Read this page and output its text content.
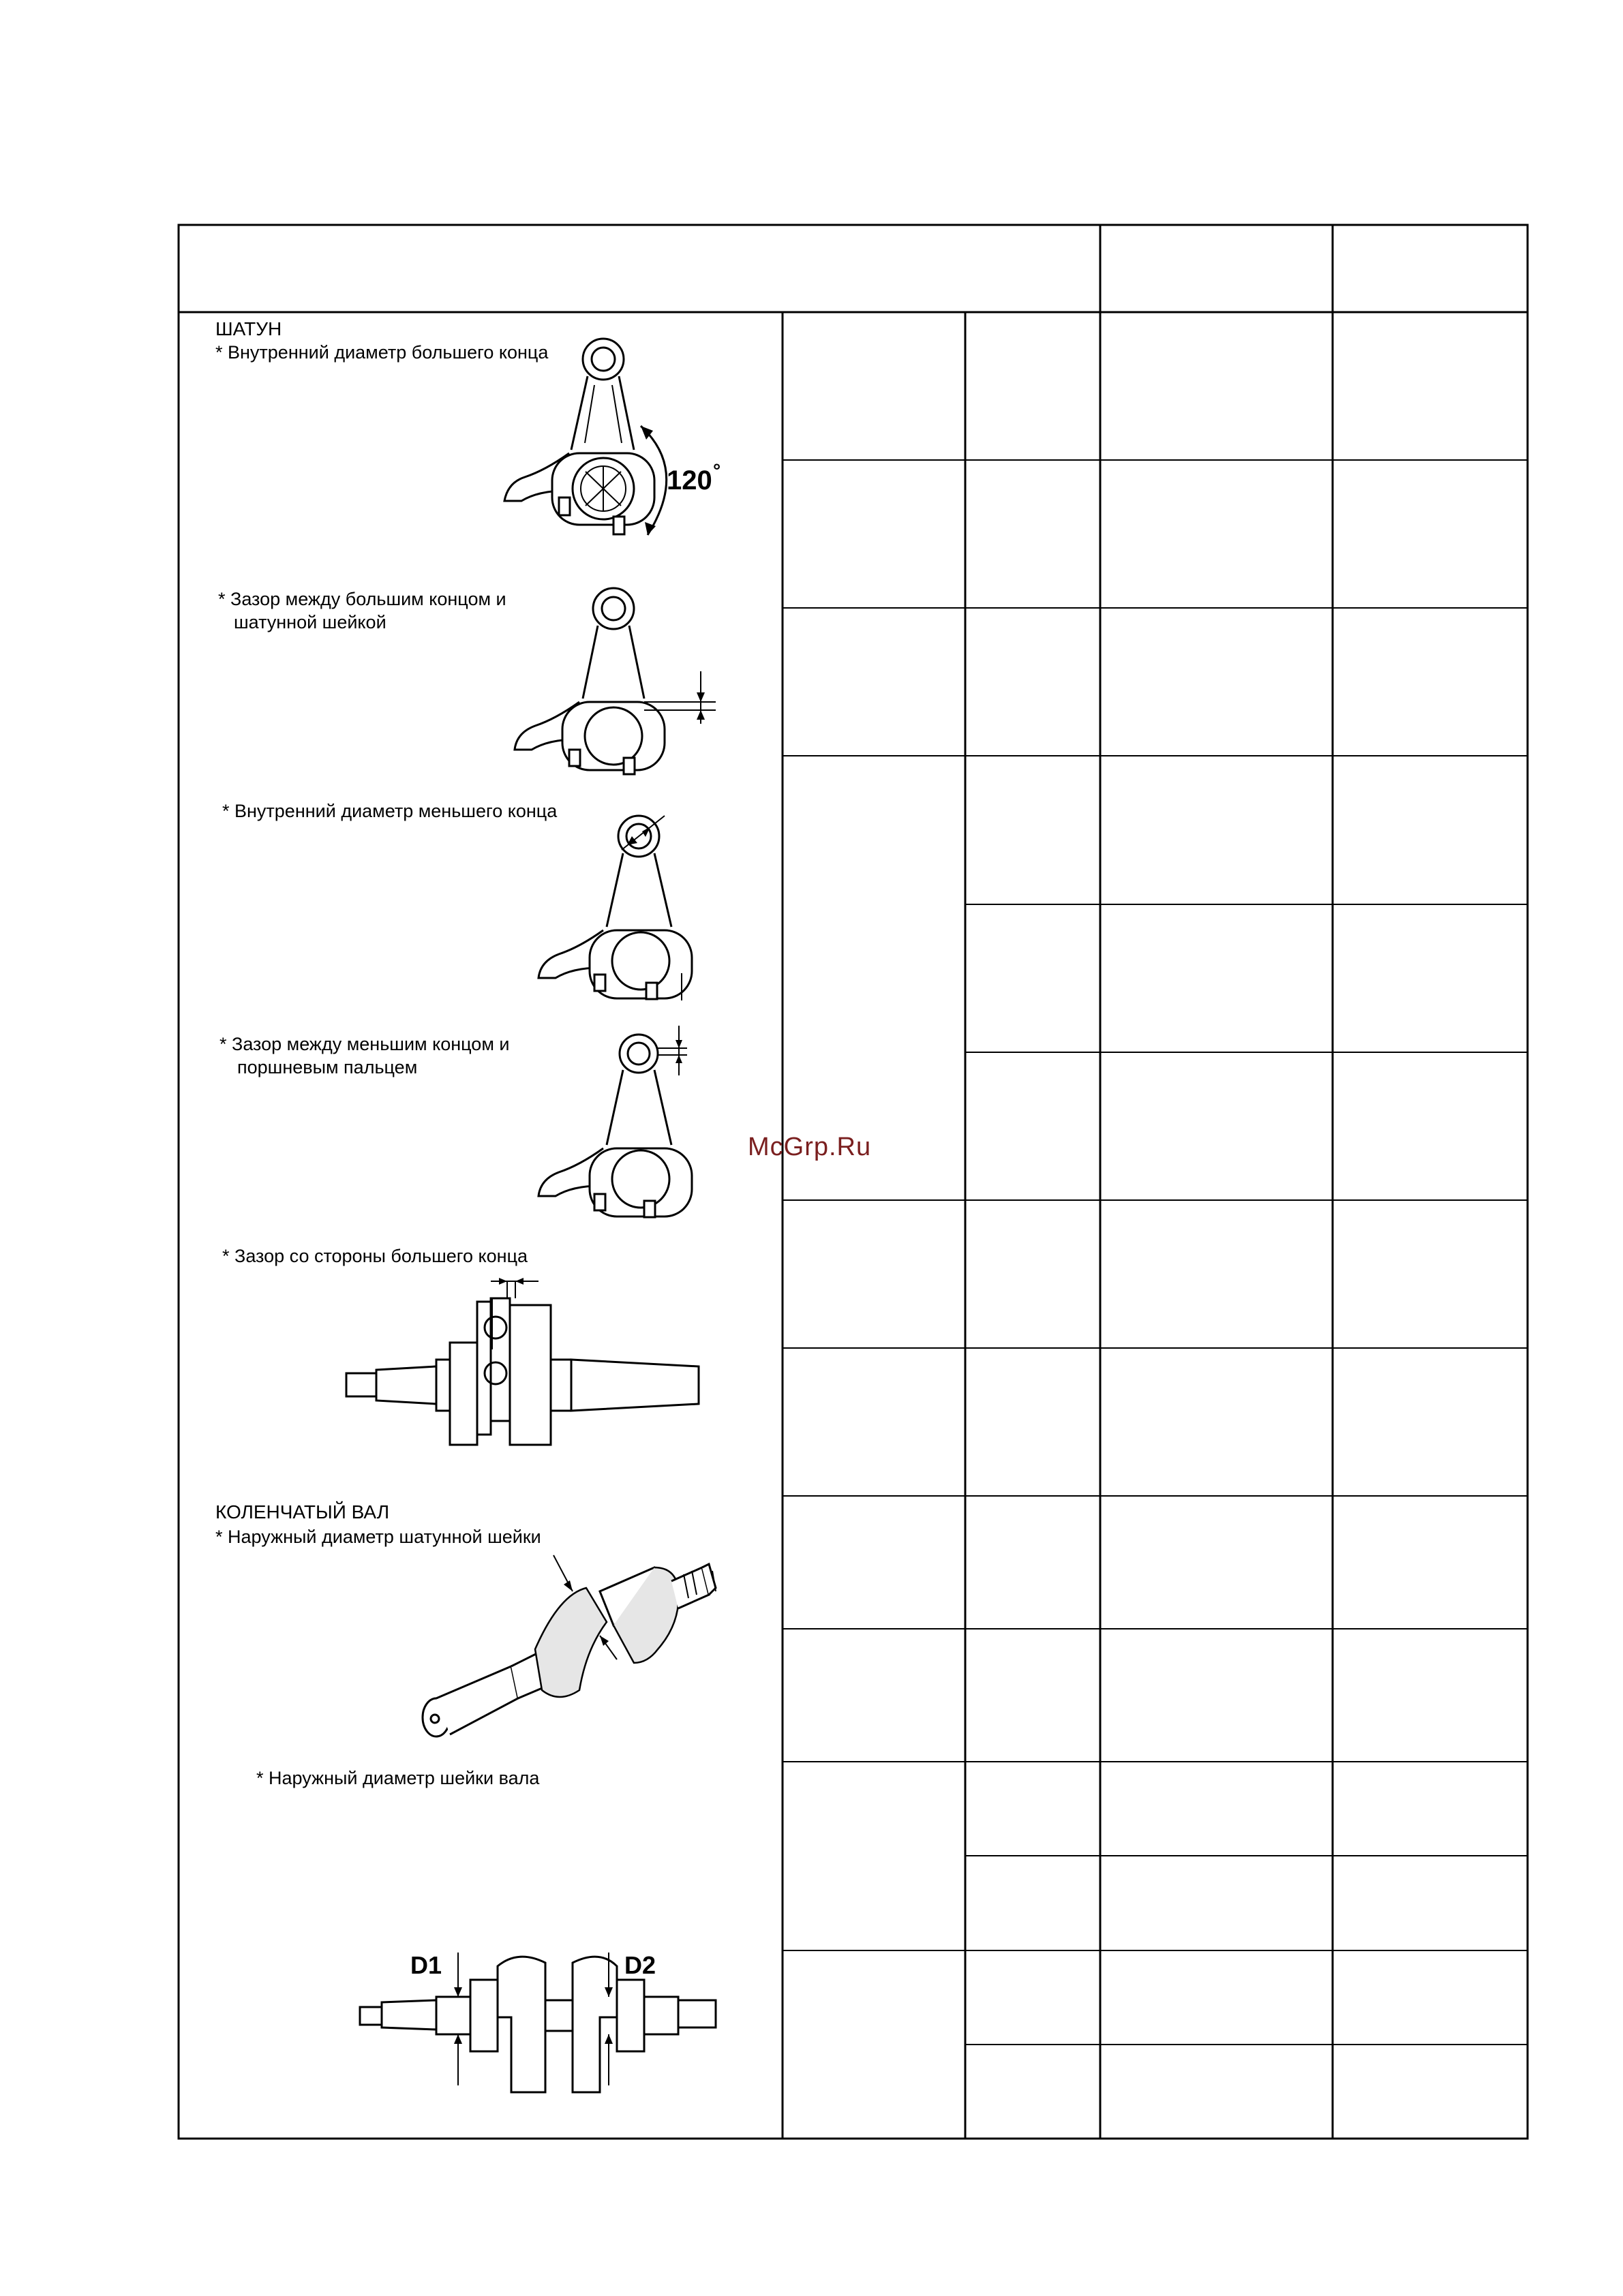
120 °
D1	D2
ШАТУН
* Внутренний диаметр большего конца
* Зазор между большим концом и
шатунной шейкой
* Внутренний диаметр меньшего конца
* Зазор между меньшим концом и
поршневым пальцем
* Зазор со стороны большего конца
КОЛЕНЧАТЫЙ ВАЛ
* Наружный диаметр шатунной шейки
* Наружный диаметр шейки вала
McGrp.Ru
